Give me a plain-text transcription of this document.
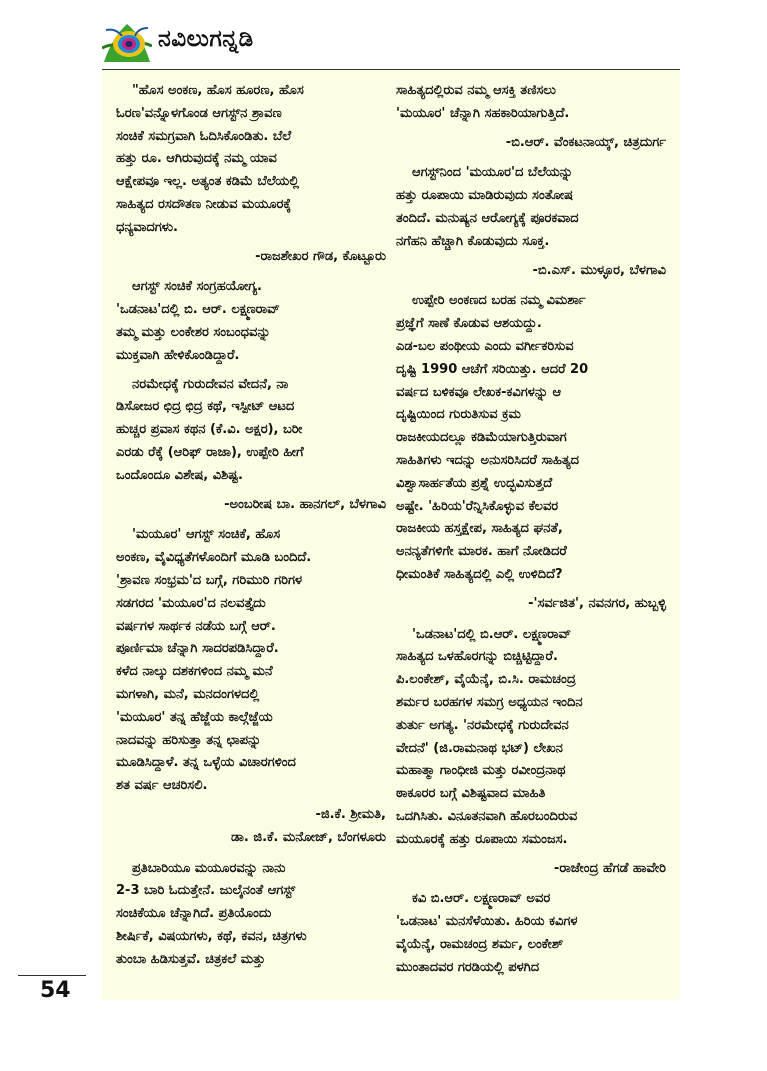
ನವಿಲುಗನ್ನಡಿ

"ಹೊಸ ಅಂಕಣ, ಹೊಸ ಹೂರಣ, ಹೊಸ
ಓರಣ'ವನ್ನೊಳಗೊಂಡ ಆಗಸ್ಟ್‌ನ ಶ್ರಾವಣ
ಸಂಚಿಕೆ ಸಮಗ್ರವಾಗಿ ಓದಿಸಿಕೊಂಡಿತು. ಬೆಲೆ
ಹತ್ತು ರೂ. ಆಗಿರುವುದಕ್ಕೆ ನಮ್ಮ ಯಾವ
ಆಕ್ಷೇಪವೂ ಇಲ್ಲ. ಅತ್ಯಂತ ಕಡಿಮೆ ಬೆಲೆಯಲ್ಲಿ
ಸಾಹಿತ್ಯದ ರಸದೌತಣ ನೀಡುವ ಮಯೂರಕ್ಕೆ
ಧನ್ಯವಾದಗಳು.

-ರಾಜಶೇಖರ ಗೌಡ, ಕೊಟ್ಟೂರು

ಆಗಸ್ಟ್ ಸಂಚಿಕೆ ಸಂಗ್ರಹಯೋಗ್ಯ.
'ಒಡನಾಟ'ದಲ್ಲಿ ಬಿ. ಆರ್. ಲಕ್ಷ್ಮಣರಾವ್
ತಮ್ಮ ಮತ್ತು ಲಂಕೇಶರ ಸಂಬಂಧವನ್ನು
ಮುಕ್ತವಾಗಿ ಹೇಳಿಕೊಂಡಿದ್ದಾರೆ.

ನರಮೇಧಕ್ಕೆ ಗುರುದೇವನ ವೇದನೆ, ನಾ
ಡಿಸೋಜರ ಛಿದ್ರ ಛಿದ್ರ ಕಥೆ, ಇಸ್ಪೀಟ್ ಆಟದ
ಹುಚ್ಚರ ಪ್ರವಾಸ ಕಥನ (ಕೆ.ವಿ. ಅಕ್ಷರ), ಬರೀ
ಎರಡು ರೆಕ್ಕೆ (ಆರಿಫ್ ರಾಜಾ), ಉಪ್ಪೇರಿ ಹೀಗೆ
ಒಂದೊಂದೂ ವಿಶೇಷ, ವಿಶಿಷ್ಟ.

-ಅಂಬರೀಷ ಬಾ. ಹಾನಗಲ್, ಬೆಳಗಾವಿ

'ಮಯೂರ' ಆಗಸ್ಟ್ ಸಂಚಿಕೆ, ಹೊಸ
ಅಂಕಣ, ವೈವಿಧ್ಯತೆಗಳೊಂದಿಗೆ ಮೂಡಿ ಬಂದಿದೆ.
'ಶ್ರಾವಣ ಸಂಭ್ರಮ'ದ ಬಗ್ಗೆ, ಗರಿಮುರಿ ಗರಿಗಳ
ಸಡಗರದ 'ಮಯೂರ'ದ ನಲವತ್ತೈದು
ವರ್ಷಗಳ ಸಾರ್ಥಕ ನಡೆಯ ಬಗ್ಗೆ ಆರ್.
ಪೂರ್ಣಿಮಾ ಚೆನ್ನಾಗಿ ಸಾದರಪಡಿಸಿದ್ದಾರೆ.
ಕಳೆದ ನಾಲ್ಕು ದಶಕಗಳಿಂದ ನಮ್ಮ ಮನೆ
ಮಗಳಾಗಿ, ಮನೆ, ಮನದಂಗಳದಲ್ಲಿ
'ಮಯೂರ' ತನ್ನ ಹೆಜ್ಜೆಯ ಕಾಲ್ಗೆಜ್ಜೆಯ
ನಾದವನ್ನು ಹರಿಸುತ್ತಾ ತನ್ನ ಛಾಪನ್ನು
ಮೂಡಿಸಿದ್ದಾಳೆ. ತನ್ನ ಒಳ್ಳೆಯ ವಿಚಾರಗಳಿಂದ
ಶತ ವರ್ಷ ಆಚರಿಸಲಿ.

-ಜಿ.ಕೆ. ಶ್ರೀಮತಿ,

ಡಾ. ಜಿ.ಕೆ. ಮನೋಜ್, ಬೆಂಗಳೂರು

ಪ್ರತಿಬಾರಿಯೂ ಮಯೂರವನ್ನು ನಾನು
2-3 ಬಾರಿ ಓದುತ್ತೇನೆ. ಜುಲೈನಂತೆ ಆಗಸ್ಟ್
ಸಂಚಿಕೆಯೂ ಚೆನ್ನಾಗಿದೆ. ಪ್ರತಿಯೊಂದು
ಶೀರ್ಷಿಕೆ, ವಿಷಯಗಳು, ಕಥೆ, ಕವನ, ಚಿತ್ರಗಳು
ತುಂಬಾ ಹಿಡಿಸುತ್ತವೆ. ಚಿತ್ರಕಲೆ ಮತ್ತು

ಸಾಹಿತ್ಯದಲ್ಲಿರುವ ನಮ್ಮ ಆಸಕ್ತಿ ತಣಿಸಲು
'ಮಯೂರ' ಚೆನ್ನಾಗಿ ಸಹಕಾರಿಯಾಗುತ್ತಿದೆ.

-ಬಿ.ಆರ್. ವೆಂಕಟನಾಯ್ಕ್, ಚಿತ್ರದುರ್ಗ

ಆಗಸ್ಟ್‌ನಿಂದ 'ಮಯೂರ'ದ ಬೆಲೆಯನ್ನು
ಹತ್ತು ರೂಪಾಯಿ ಮಾಡಿರುವುದು ಸಂತೋಷ
ತಂದಿದೆ. ಮನುಷ್ಯನ ಆರೋಗ್ಯಕ್ಕೆ ಪೂರಕವಾದ
ನಗೆಹನಿ ಹೆಚ್ಚಾಗಿ ಕೊಡುವುದು ಸೂಕ್ತ.

-ಬಿ.ಎಸ್. ಮುಳ್ಳೂರ, ಬೆಳಗಾವಿ

ಉಪ್ಪೇರಿ ಅಂಕಣದ ಬರಹ ನಮ್ಮ ವಿಮರ್ಶಾ
ಪ್ರಜ್ಞೆಗೆ ಸಾಣೆ ಕೊಡುವ ಆಶಯದ್ದು.
ಎಡ-ಬಲ ಪಂಥೀಯ ಎಂದು ವರ್ಗೀಕರಿಸುವ
ದೃಷ್ಟಿ 1990 ಆಚೆಗೆ ಸರಿಯಿತ್ತು. ಆದರೆ 20
ವರ್ಷದ ಬಳಿಕವೂ ಲೇಖಕ-ಕವಿಗಳನ್ನು ಆ
ದೃಷ್ಟಿಯಿಂದ ಗುರುತಿಸುವ ಕ್ರಮ
ರಾಜಕೀಯದಲ್ಲೂ ಕಡಿಮೆಯಾಗುತ್ತಿರುವಾಗ
ಸಾಹಿತಿಗಳು ಇದನ್ನು ಅನುಸರಿಸಿದರೆ ಸಾಹಿತ್ಯದ
ವಿಶ್ವಾಸಾರ್ಹತೆಯ ಪ್ರಶ್ನೆ ಉದ್ಭವಿಸುತ್ತದೆ
ಅಷ್ಟೇ. 'ಹಿರಿಯ'ರೆನ್ನಿಸಿಕೊಳ್ಳುವ ಕೆಲವರ
ರಾಜಕೀಯ ಹಸ್ತಕ್ಷೇಪ, ಸಾಹಿತ್ಯದ ಘನತೆ,
ಅನನ್ಯತೆಗಳಿಗೇ ಮಾರಕ. ಹಾಗೆ ನೋಡಿದರೆ
ಧೀಮಂತಿಕೆ ಸಾಹಿತ್ಯದಲ್ಲಿ ಎಲ್ಲಿ ಉಳಿದಿದೆ?

-'ಸರ್ವಜಿತ', ನವನಗರ, ಹುಬ್ಬಳ್ಳಿ

'ಒಡನಾಟ'ದಲ್ಲಿ ಬಿ.ಆರ್. ಲಕ್ಷ್ಮಣರಾವ್
ಸಾಹಿತ್ಯದ ಒಳಹೊರಗನ್ನು ಬಿಚ್ಚಿಟ್ಟಿದ್ದಾರೆ.
ಪಿ.ಲಂಕೇಶ್, ವೈಯೆನ್ಕೆ, ಬಿ.ಸಿ. ರಾಮಚಂದ್ರ
ಶರ್ಮರ ಬರಹಗಳ ಸಮಗ್ರ ಅಧ್ಯಯನ ಇಂದಿನ
ತುರ್ತು ಅಗತ್ಯ. 'ನರಮೇಧಕ್ಕೆ ಗುರುದೇವನ
ವೇದನೆ' (ಜಿ.ರಾಮನಾಥ ಭಟ್) ಲೇಖನ
ಮಹಾತ್ಮಾ ಗಾಂಧೀಜಿ ಮತ್ತು ರವೀಂದ್ರನಾಥ
ಠಾಕೂರರ ಬಗ್ಗೆ ವಿಶಿಷ್ಟವಾದ ಮಾಹಿತಿ
ಒದಗಿಸಿತು. ವಿನೂತನವಾಗಿ ಹೊರಬಂದಿರುವ
ಮಯೂರಕ್ಕೆ ಹತ್ತು ರೂಪಾಯಿ ಸಮಂಜಸ.

-ರಾಜೇಂದ್ರ ಹೆಗಡೆ ಹಾವೇರಿ

ಕವಿ ಬಿ.ಆರ್. ಲಕ್ಷ್ಮಣರಾವ್ ಅವರ
'ಒಡನಾಟ' ಮನಸೆಳೆಯಿತು. ಹಿರಿಯ ಕವಿಗಳ
ವೈಯೆನ್ಕೆ, ರಾಮಚಂದ್ರ ಶರ್ಮ, ಲಂಕೇಶ್
ಮುಂತಾದವರ ಗರಡಿಯಲ್ಲಿ ಪಳಗಿದ

54
